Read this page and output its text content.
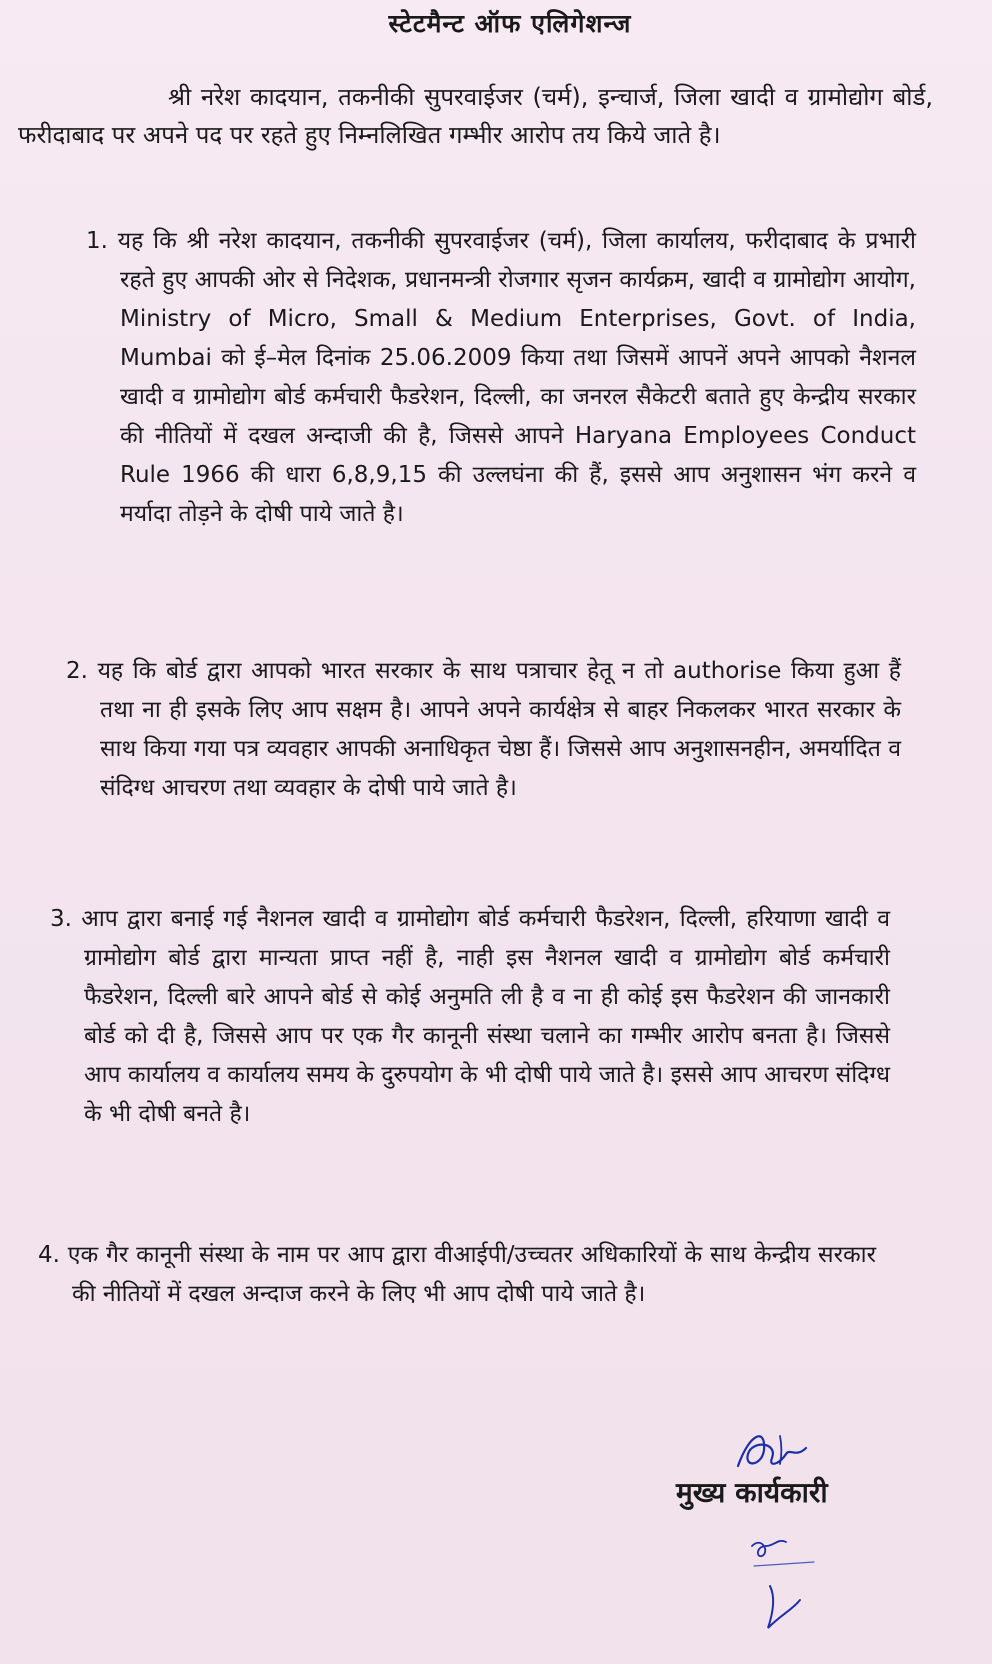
स्टेटमैन्ट ऑफ एलिगेशन्ज
श्री नरेश कादयान, तकनीकी सुपरवाईजर (चर्म), इन्चार्ज, जिला खादी व ग्रामोद्योग बोर्ड, फरीदाबाद पर अपने पद पर रहते हुए निम्नलिखित गम्भीर आरोप तय किये जाते है।
1. यह कि श्री नरेश कादयान, तकनीकी सुपरवाईजर (चर्म), जिला कार्यालय, फरीदाबाद के प्रभारी रहते हुए आपकी ओर से निदेशक, प्रधानमन्त्री रोजगार सृजन कार्यक्रम, खादी व ग्रामोद्योग आयोग, Ministry of Micro, Small & Medium Enterprises, Govt. of India, Mumbai को ई–मेल दिनांक 25.06.2009 किया तथा जिसमें आपनें अपने आपको नैशनल खादी व ग्रामोद्योग बोर्ड कर्मचारी फैडरेशन, दिल्ली, का जनरल सैकेटरी बताते हुए केन्द्रीय सरकार की नीतियों में दखल अन्दाजी की है, जिससे आपने Haryana Employees Conduct Rule 1966 की धारा 6,8,9,15 की उल्लघंना की हैं, इससे आप अनुशासन भंग करने व मर्यादा तोड़ने के दोषी पाये जाते है।
2. यह कि बोर्ड द्वारा आपको भारत सरकार के साथ पत्राचार हेतू न तो authorise किया हुआ हैं तथा ना ही इसके लिए आप सक्षम है। आपने अपने कार्यक्षेत्र से बाहर निकलकर भारत सरकार के साथ किया गया पत्र व्यवहार आपकी अनाधिकृत चेष्ठा हैं। जिससे आप अनुशासनहीन, अमर्यादित व संदिग्ध आचरण तथा व्यवहार के दोषी पाये जाते है।
3. आप द्वारा बनाई गई नैशनल खादी व ग्रामोद्योग बोर्ड कर्मचारी फैडरेशन, दिल्ली, हरियाणा खादी व ग्रामोद्योग बोर्ड द्वारा मान्यता प्राप्त नहीं है, नाही इस नैशनल खादी व ग्रामोद्योग बोर्ड कर्मचारी फैडरेशन, दिल्ली बारे आपने बोर्ड से कोई अनुमति ली है व ना ही कोई इस फैडरेशन की जानकारी बोर्ड को दी है, जिससे आप पर एक गैर कानूनी संस्था चलाने का गम्भीर आरोप बनता है। जिससे आप कार्यालय व कार्यालय समय के दुरुपयोग के भी दोषी पाये जाते है। इससे आप आचरण संदिग्ध के भी दोषी बनते है।
4. एक गैर कानूनी संस्था के नाम पर आप द्वारा वीआईपी/उच्चतर अधिकारियों के साथ केन्द्रीय सरकार की नीतियों में दखल अन्दाज करने के लिए भी आप दोषी पाये जाते है।
मुख्य कार्यकारी
